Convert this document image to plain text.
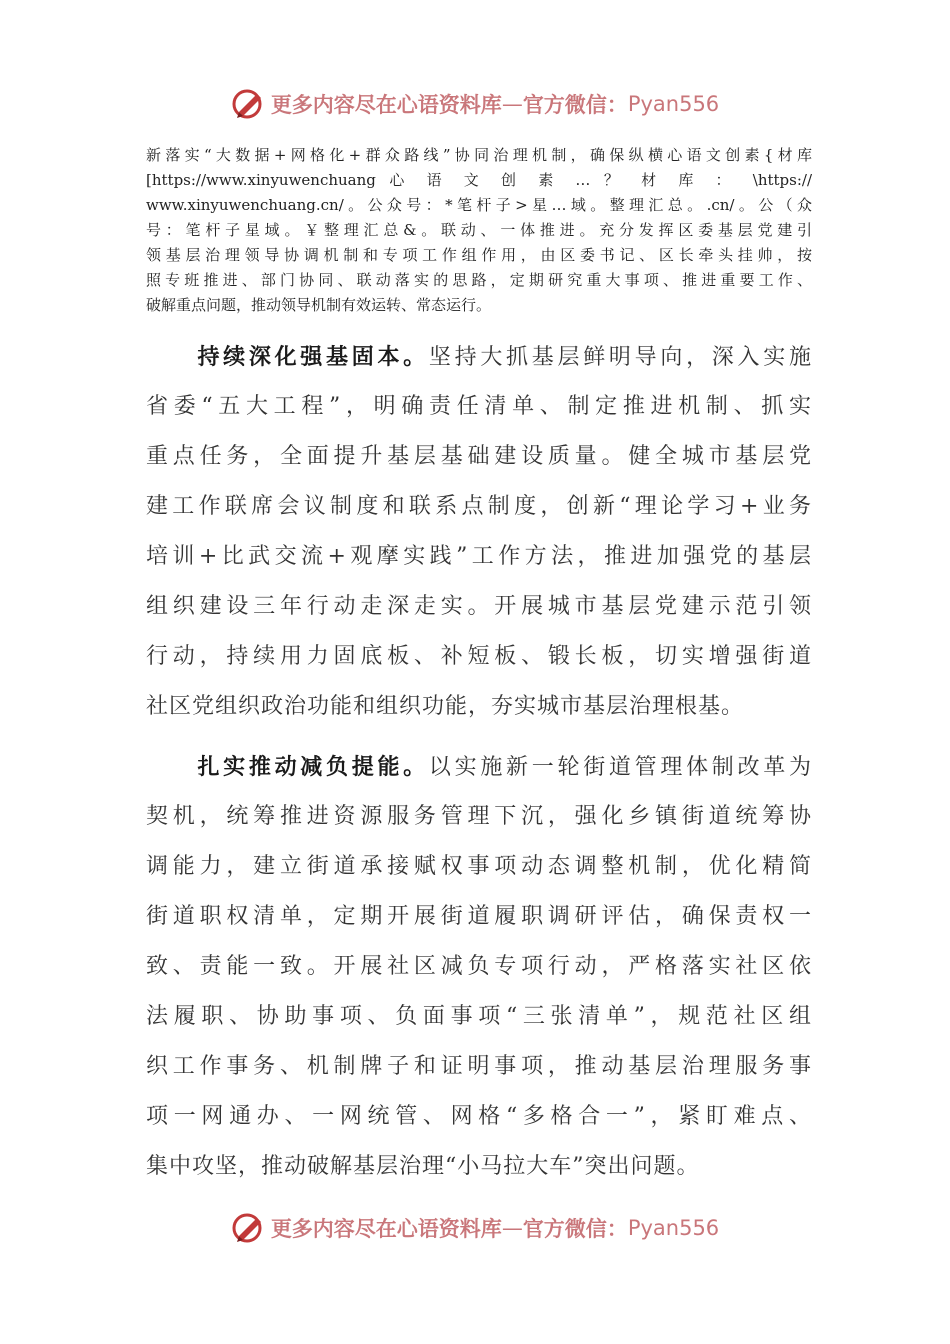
更多内容尽在心语资料库 — 官方微信： Pyan556
新落实“大数据+网格化+群众路线”协同治理机制，确保纵横心语文创素{材库
[https://www.xinyuwenchuang 心 语 文 创 素 … ？ 材 库 ： \https://
www.xinyuwenchuang.cn/。公众号：*笔杆子>星…域。整理汇总。.cn/。公（众
号：笔杆子星域。￥整理汇总&。联动、一体推进。充分发挥区委基层党建引
领基层治理领导协调机制和专项工作组作用，由区委书记、区长牵头挂帅，按
照专班推进、部门协同、联动落实的思路，定期研究重大事项、推进重要工作、
破解重点问题，推动领导机制有效运转、常态运行。
　　持续深化强基固本。坚持大抓基层鲜明导向，深入实施
省委“五大工程”，明确责任清单、制定推进机制、抓实
重点任务，全面提升基层基础建设质量。健全城市基层党
建工作联席会议制度和联系点制度，创新“理论学习+业务
培训+比武交流+观摩实践”工作方法，推进加强党的基层
组织建设三年行动走深走实。开展城市基层党建示范引领
行动，持续用力固底板、补短板、锻长板，切实增强街道
社区党组织政治功能和组织功能，夯实城市基层治理根基。
　　扎实推动减负提能。以实施新一轮街道管理体制改革为
契机，统筹推进资源服务管理下沉，强化乡镇街道统筹协
调能力，建立街道承接赋权事项动态调整机制，优化精简
街道职权清单，定期开展街道履职调研评估，确保责权一
致、责能一致。开展社区减负专项行动，严格落实社区依
法履职、协助事项、负面事项“三张清单”，规范社区组
织工作事务、机制牌子和证明事项，推动基层治理服务事
项一网通办、一网统管、网格“多格合一”，紧盯难点、
集中攻坚，推动破解基层治理“小马拉大车”突出问题。
更多内容尽在心语资料库 — 官方微信： Pyan556
